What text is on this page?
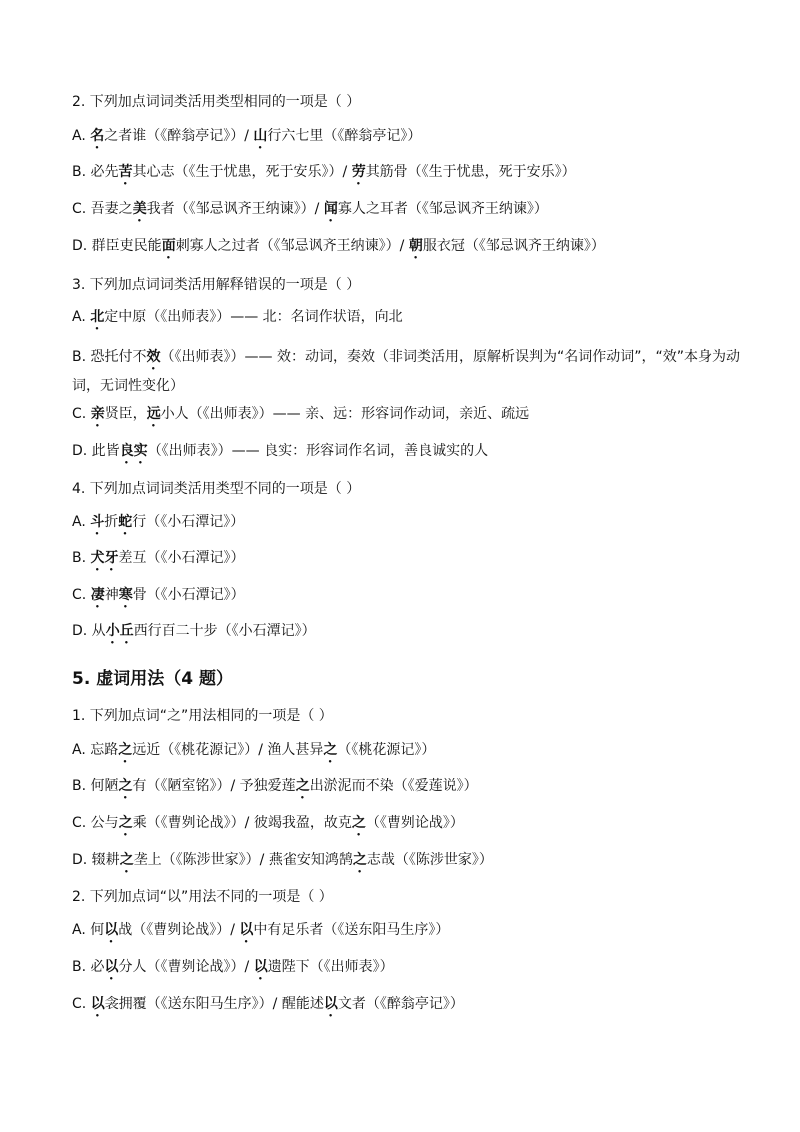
2. 下列加点词词类活用类型相同的一项是（ ）
A. 名之者谁（《醉翁亭记》）/ 山行六七里（《醉翁亭记》）
B. 必先苦其心志（《生于忧患，死于安乐》）/ 劳其筋骨（《生于忧患，死于安乐》）
C. 吾妻之美我者（《邹忌讽齐王纳谏》）/ 闻寡人之耳者（《邹忌讽齐王纳谏》）
D. 群臣吏民能面刺寡人之过者（《邹忌讽齐王纳谏》）/ 朝服衣冠（《邹忌讽齐王纳谏》）
3. 下列加点词词类活用解释错误的一项是（ ）
A. 北定中原（《出师表》）—— 北：名词作状语，向北
B. 恐托付不效（《出师表》）—— 效：动词，奏效（非词类活用，原解析误判为“名词作动词”，“效”本身为动词，无词性变化）
C. 亲贤臣，远小人（《出师表》）—— 亲、远：形容词作动词，亲近、疏远
D. 此皆良实（《出师表》）—— 良实：形容词作名词，善良诚实的人
4. 下列加点词词类活用类型不同的一项是（ ）
A. 斗折蛇行（《小石潭记》）
B. 犬牙差互（《小石潭记》）
C. 凄神寒骨（《小石潭记》）
D. 从小丘西行百二十步（《小石潭记》）
5. 虚词用法（4 题）
1. 下列加点词“之”用法相同的一项是（ ）
A. 忘路之远近（《桃花源记》）/ 渔人甚异之（《桃花源记》）
B. 何陋之有（《陋室铭》）/ 予独爱莲之出淤泥而不染（《爱莲说》）
C. 公与之乘（《曹刿论战》）/ 彼竭我盈，故克之（《曹刿论战》）
D. 辍耕之垄上（《陈涉世家》）/ 燕雀安知鸿鹄之志哉（《陈涉世家》）
2. 下列加点词“以”用法不同的一项是（ ）
A. 何以战（《曹刿论战》）/ 以中有足乐者（《送东阳马生序》）
B. 必以分人（《曹刿论战》）/ 以遗陛下（《出师表》）
C. 以衾拥覆（《送东阳马生序》）/ 醒能述以文者（《醉翁亭记》）
